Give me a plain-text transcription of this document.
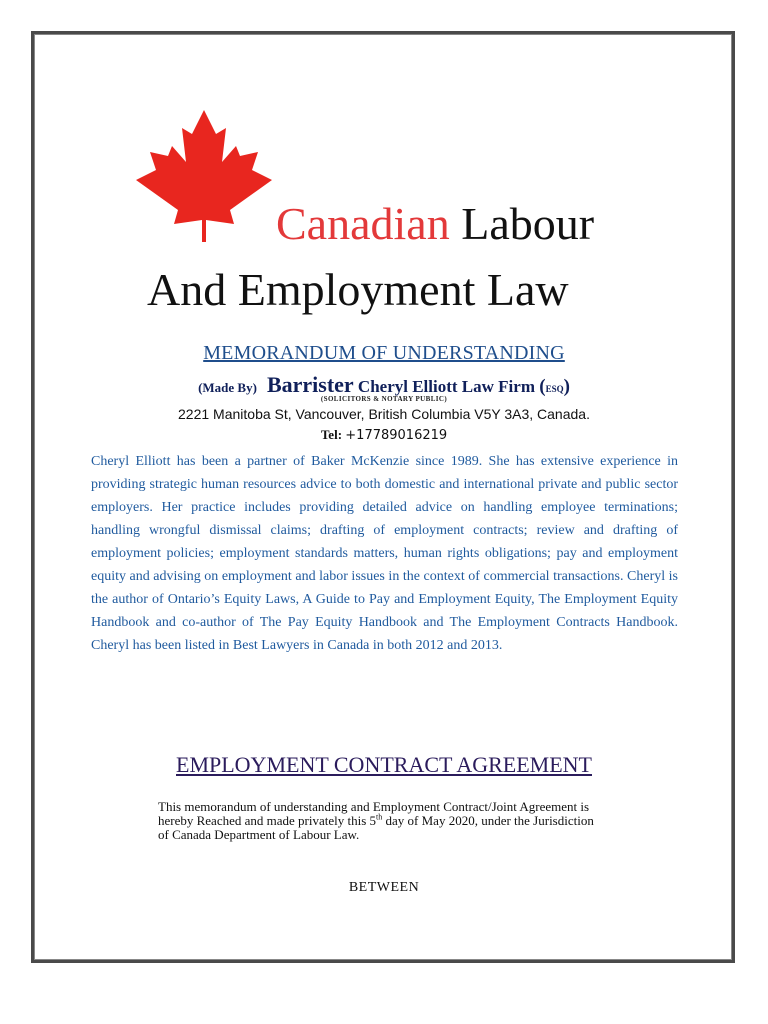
Canadian Labour
And Employment Law
MEMORANDUM OF UNDERSTANDING
(Made By) Barrister Cheryl Elliott Law Firm (ESQ)
(SOLICITORS & NOTARY PUBLIC)
2221 Manitoba St, Vancouver, British Columbia V5Y 3A3, Canada.
Tel: +17789016219
Cheryl Elliott has been a partner of Baker McKenzie since 1989. She has extensive experience in providing strategic human resources advice to both domestic and international private and public sector employers. Her practice includes providing detailed advice on handling employee terminations; handling wrongful dismissal claims; drafting of employment contracts; review and drafting of employment policies; employment standards matters, human rights obligations; pay and employment equity and advising on employment and labor issues in the context of commercial transactions. Cheryl is the author of Ontario’s Equity Laws, A Guide to Pay and Employment Equity, The Employment Equity Handbook and co-author of The Pay Equity Handbook and The Employment Contracts Handbook. Cheryl has been listed in Best Lawyers in Canada in both 2012 and 2013.
EMPLOYMENT CONTRACT AGREEMENT
This memorandum of understanding and Employment Contract/Joint Agreement is hereby Reached and made privately this 5th day of May 2020, under the Jurisdiction of Canada Department of Labour Law.
BETWEEN
